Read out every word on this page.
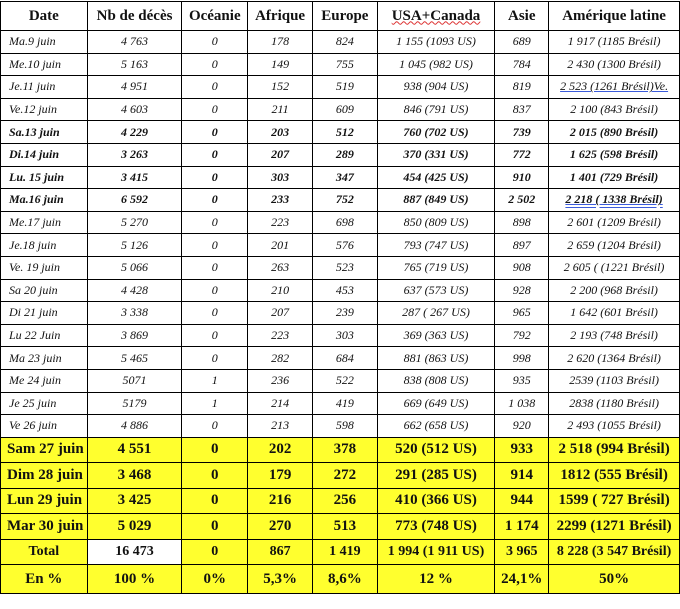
Date	Nb de décès	Océanie	Afrique	Europe	USA+Canada	Asie	Amérique latine
Ma.9 juin	4 763	0	178	824	1 155 (1093 US)	689	1 917 (1185 Brésil)
Me.10 juin	5 163	0	149	755	1 045 (982 US)	784	2 430 (1300 Brésil)
Je.11 juin	4 951	0	152	519	938 (904 US)	819	2 523 (1261 Brésil)Ve.
Ve.12 juin	4 603	0	211	609	846 (791 US)	837	2 100 (843 Brésil)
Sa.13 juin	4 229	0	203	512	760 (702 US)	739	2 015 (890 Brésil)
Di.14 juin	3 263	0	207	289	370 (331 US)	772	1 625 (598 Brésil)
Lu. 15 juin	3 415	0	303	347	454 (425 US)	910	1 401 (729 Brésil)
Ma.16 juin	6 592	0	233	752	887 (849 US)	2 502	2 218 ( 1338 Brésil)
Me.17 juin	5 270	0	223	698	850 (809 US)	898	2 601 (1209 Brésil)
Je.18 juin	5 126	0	201	576	793 (747 US)	897	2 659 (1204 Brésil)
Ve. 19 juin	5 066	0	263	523	765 (719 US)	908	2 605 ( (1221 Brésil)
Sa 20 juin	4 428	0	210	453	637 (573 US)	928	2 200 (968 Brésil)
Di 21 juin	3 338	0	207	239	287 ( 267 US)	965	1 642 (601 Brésil)
Lu 22 Juin	3 869	0	223	303	369 (363 US)	792	2 193 (748 Brésil)
Ma 23 juin	5 465	0	282	684	881 (863 US)	998	2 620 (1364 Brésil)
Me 24 juin	5071	1	236	522	838 (808 US)	935	2539 (1103 Brésil)
Je 25 juin	5179	1	214	419	669 (649 US)	1 038	2838 (1180 Brésil)
Ve 26 juin	4 886	0	213	598	662 (658 US)	920	2 493 (1055 Brésil)
Sam 27 juin	4 551	0	202	378	520 (512 US)	933	2 518 (994 Brésil)
Dim 28 juin	3 468	0	179	272	291 (285 US)	914	1812 (555 Brésil)
Lun 29 juin	3 425	0	216	256	410 (366 US)	944	1599 ( 727 Brésil)
Mar 30 juin	5 029	0	270	513	773 (748 US)	1 174	2299 (1271 Brésil)
Total	16 473	0	867	1 419	1 994 (1 911 US)	3 965	8 228 (3 547 Brésil)
En %	100 %	0%	5,3%	8,6%	12 %	24,1%	50%
